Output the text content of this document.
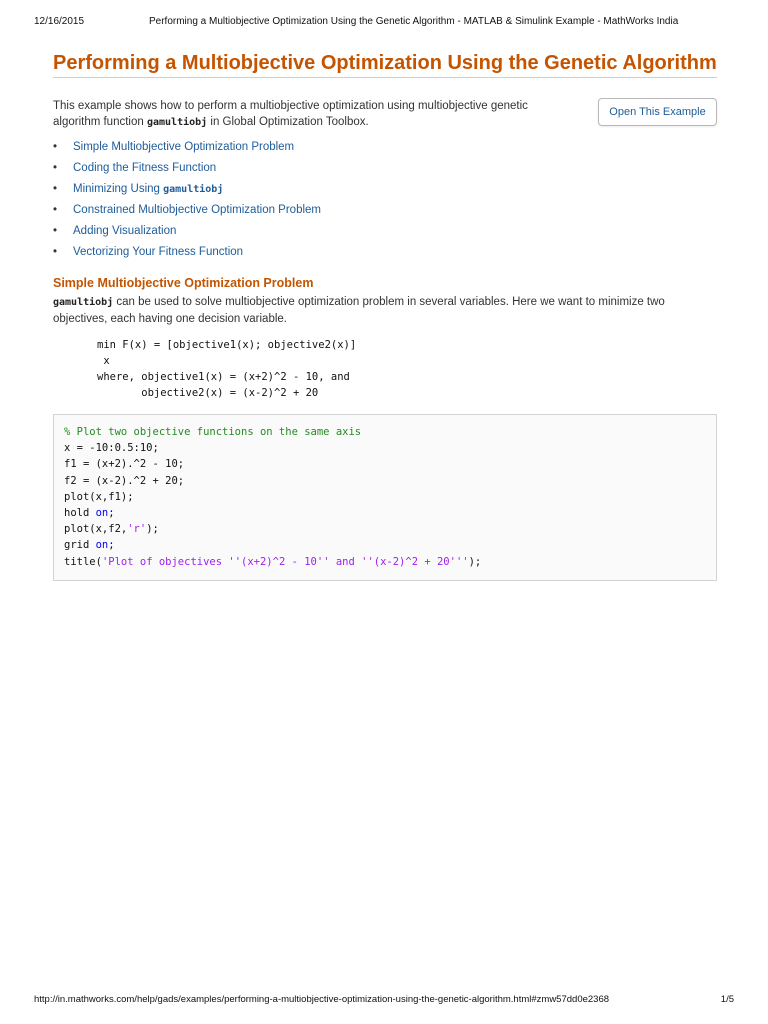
12/16/2015	Performing a Multiobjective Optimization Using the Genetic Algorithm - MATLAB & Simulink Example - MathWorks India
Performing a Multiobjective Optimization Using the Genetic Algorithm

This example shows how to perform a multiobjective optimization using multiobjective genetic algorithm function gamultiobj in Global Optimization Toolbox.

Open This Example
• Simple Multiobjective Optimization Problem
• Coding the Fitness Function
• Minimizing Using gamultiobj
• Constrained Multiobjective Optimization Problem
• Adding Visualization
• Vectorizing Your Fitness Function
Simple Multiobjective Optimization Problem

gamultiobj can be used to solve multiobjective optimization problem in several variables. Here we want to minimize two objectives, each having one decision variable.

min F(x) = [objective1(x); objective2(x)]
x
where, objective1(x) = (x+2)^2 - 10, and
objective2(x) = (x-2)^2 + 20
% Plot two objective functions on the same axis
x = -10:0.5:10;
f1 = (x+2).^2 - 10;
f2 = (x-2).^2 + 20;
plot(x,f1);
hold on;
plot(x,f2,'r');
grid on;
title('Plot of objectives ''(x+2)^2 - 10'' and ''(x-2)^2 + 20''');
http://in.mathworks.com/help/gads/examples/performing-a-multiobjective-optimization-using-the-genetic-algorithm.html#zmw57dd0e2368	1/5
